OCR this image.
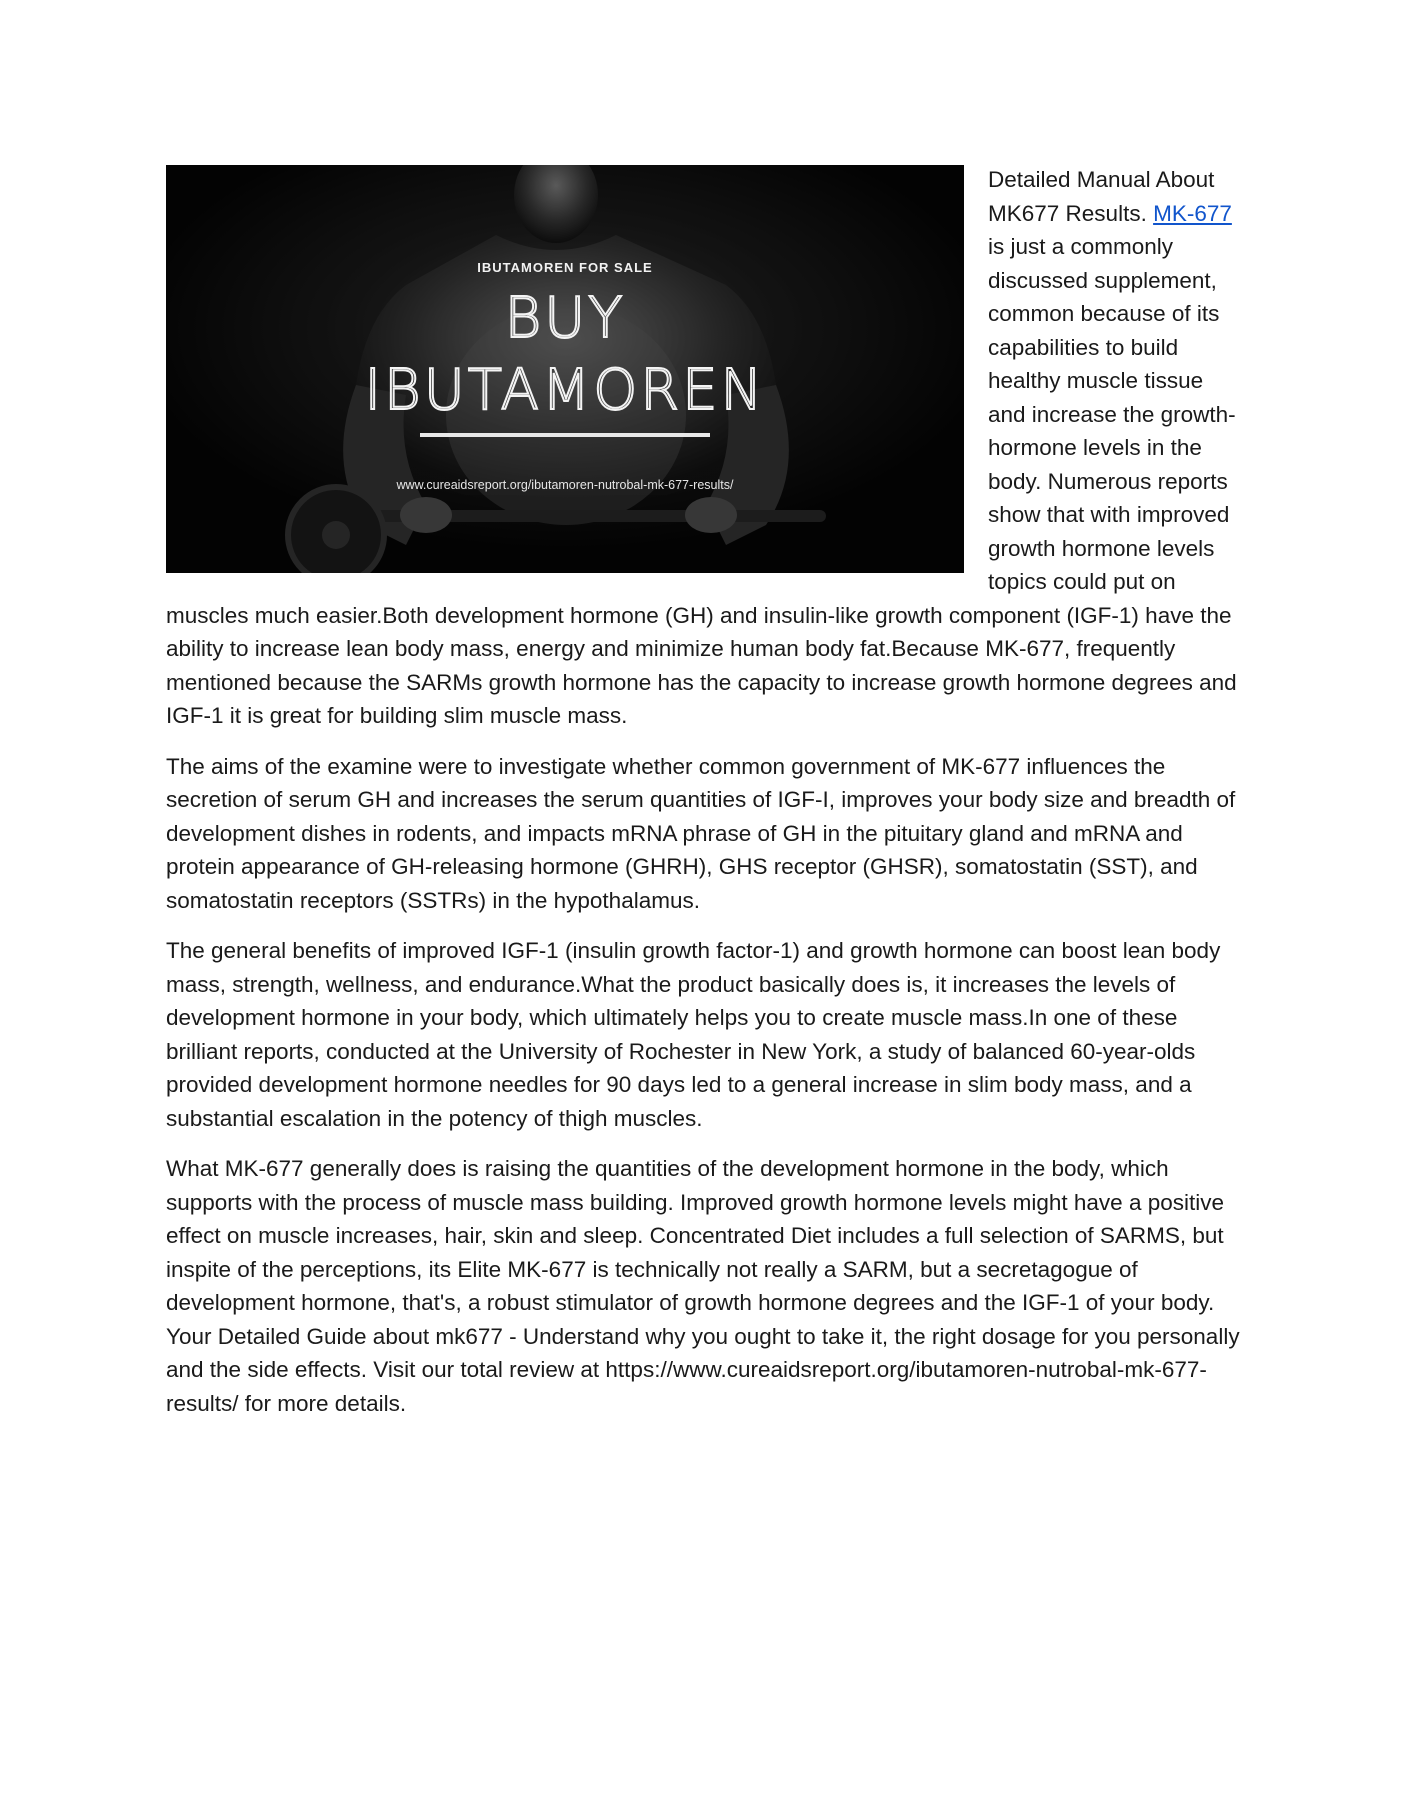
IBUTAMOREN FOR SALE
BUY
IBUTAMOREN
www.cureaidsreport.org/ibutamoren-nutrobal-mk-677-results/

Detailed Manual About MK677 Results. MK-677 is just a commonly discussed supplement, common because of its capabilities to build healthy muscle tissue and increase the growth-hormone levels in the body. Numerous reports show that with improved growth hormone levels topics could put on muscles much easier.Both development hormone (GH) and insulin-like growth component (IGF-1) have the ability to increase lean body mass, energy and minimize human body fat.Because MK-677, frequently mentioned because the SARMs growth hormone has the capacity to increase growth hormone degrees and IGF-1 it is great for building slim muscle mass.

The aims of the examine were to investigate whether common government of MK-677 influences the secretion of serum GH and increases the serum quantities of IGF-I, improves your body size and breadth of development dishes in rodents, and impacts mRNA phrase of GH in the pituitary gland and mRNA and protein appearance of GH-releasing hormone (GHRH), GHS receptor (GHSR), somatostatin (SST), and somatostatin receptors (SSTRs) in the hypothalamus.

The general benefits of improved IGF-1 (insulin growth factor-1) and growth hormone can boost lean body mass, strength, wellness, and endurance.What the product basically does is, it increases the levels of development hormone in your body, which ultimately helps you to create muscle mass.In one of these brilliant reports, conducted at the University of Rochester in New York, a study of balanced 60-year-olds provided development hormone needles for 90 days led to a general increase in slim body mass, and a substantial escalation in the potency of thigh muscles.

What MK-677 generally does is raising the quantities of the development hormone in the body, which supports with the process of muscle mass building. Improved growth hormone levels might have a positive effect on muscle increases, hair, skin and sleep. Concentrated Diet includes a full selection of SARMS, but inspite of the perceptions, its Elite MK-677 is technically not really a SARM, but a secretagogue of development hormone, that's, a robust stimulator of growth hormone degrees and the IGF-1 of your body. Your Detailed Guide about mk677 - Understand why you ought to take it, the right dosage for you personally and the side effects. Visit our total review at https://www.cureaidsreport.org/ibutamoren-nutrobal-mk-677-results/ for more details.
